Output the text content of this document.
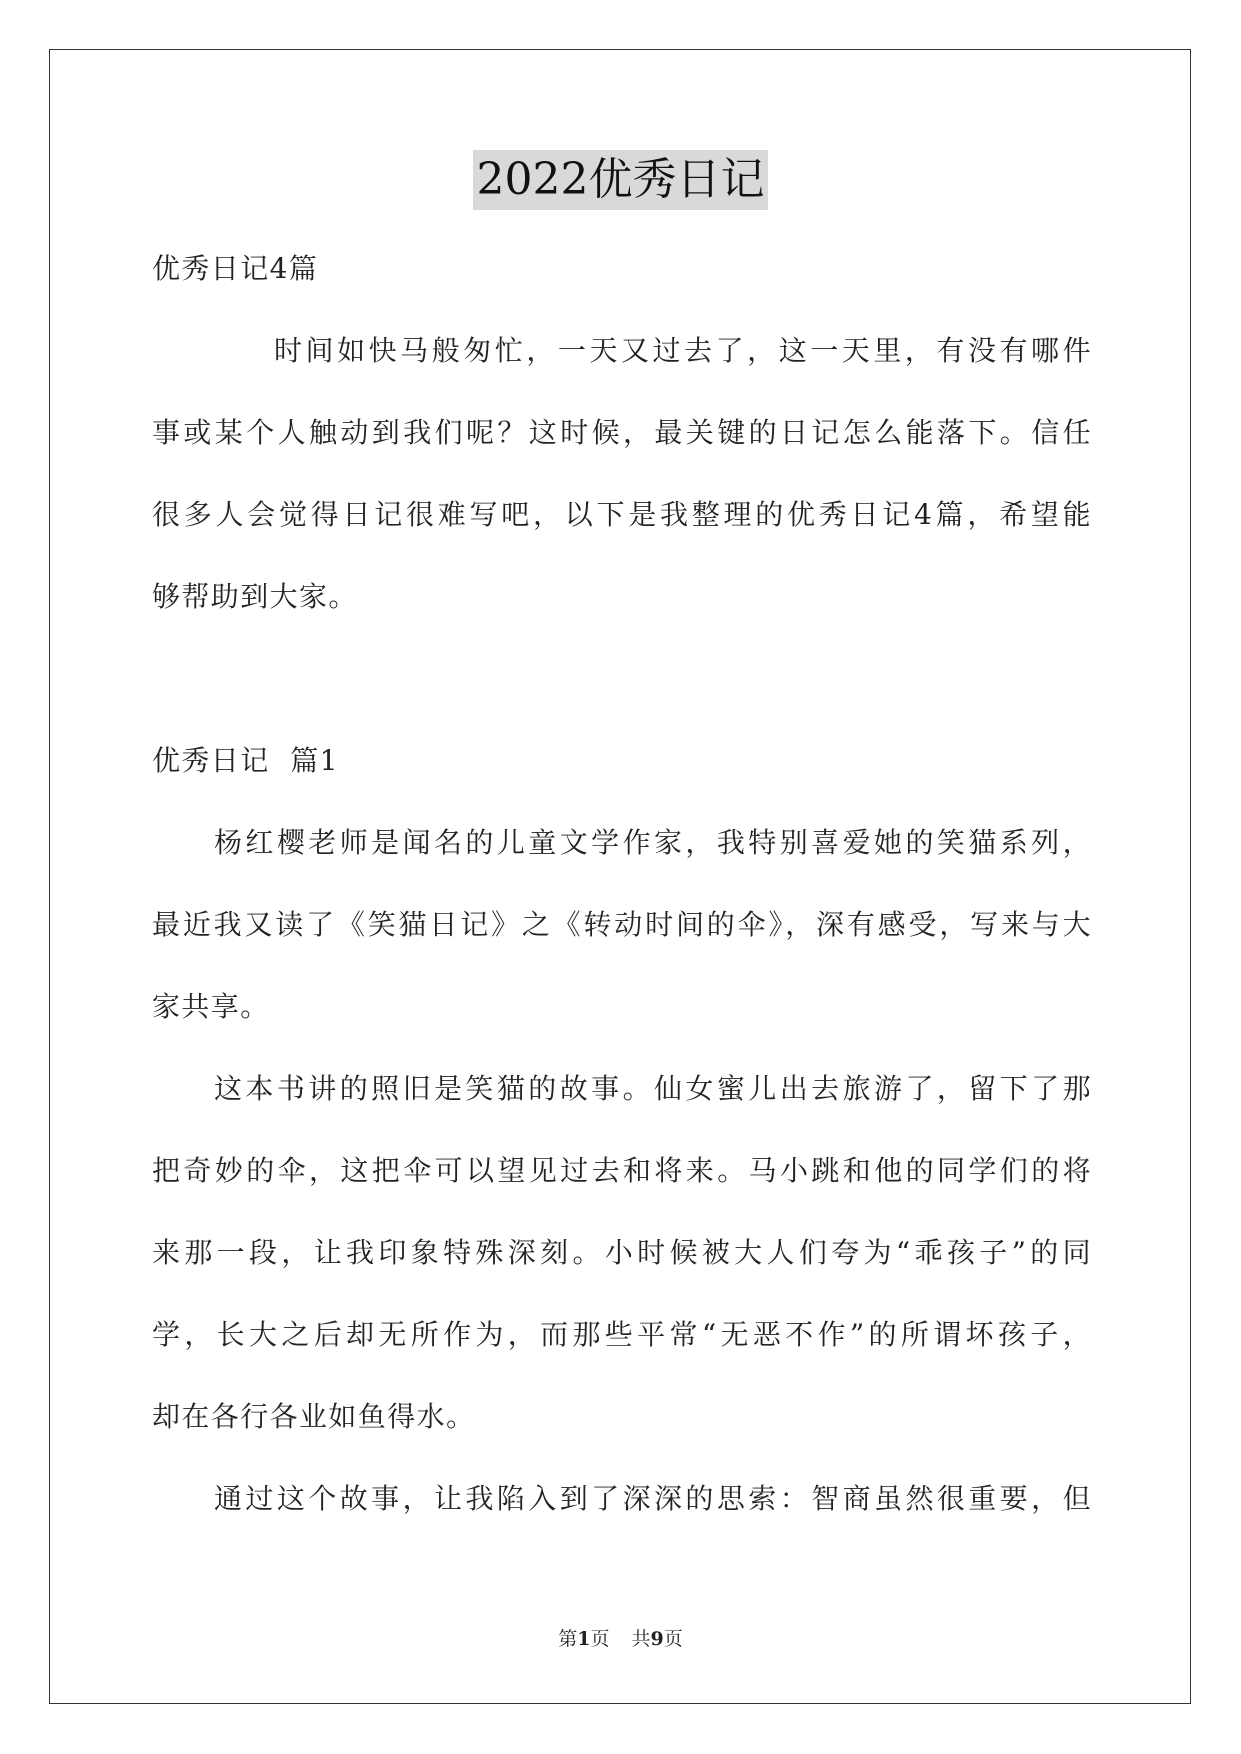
2022优秀日记
优秀日记4篇
时间如快马般匆忙，一天又过去了，这一天里，有没有哪件
事或某个人触动到我们呢？这时候，最关键的日记怎么能落下。信任
很多人会觉得日记很难写吧，以下是我整理的优秀日记4篇，希望能
够帮助到大家。
优秀日记  篇1
杨红樱老师是闻名的儿童文学作家，我特别喜爱她的笑猫系列，
最近我又读了《笑猫日记》之《转动时间的伞》，深有感受，写来与大
家共享。
这本书讲的照旧是笑猫的故事。仙女蜜儿出去旅游了，留下了那
把奇妙的伞，这把伞可以望见过去和将来。马小跳和他的同学们的将
来那一段，让我印象特殊深刻。小时候被大人们夸为“乖孩子”的同
学，长大之后却无所作为，而那些平常“无恶不作”的所谓坏孩子，
却在各行各业如鱼得水。
通过这个故事，让我陷入到了深深的思索：智商虽然很重要，但
第1页 共9页
